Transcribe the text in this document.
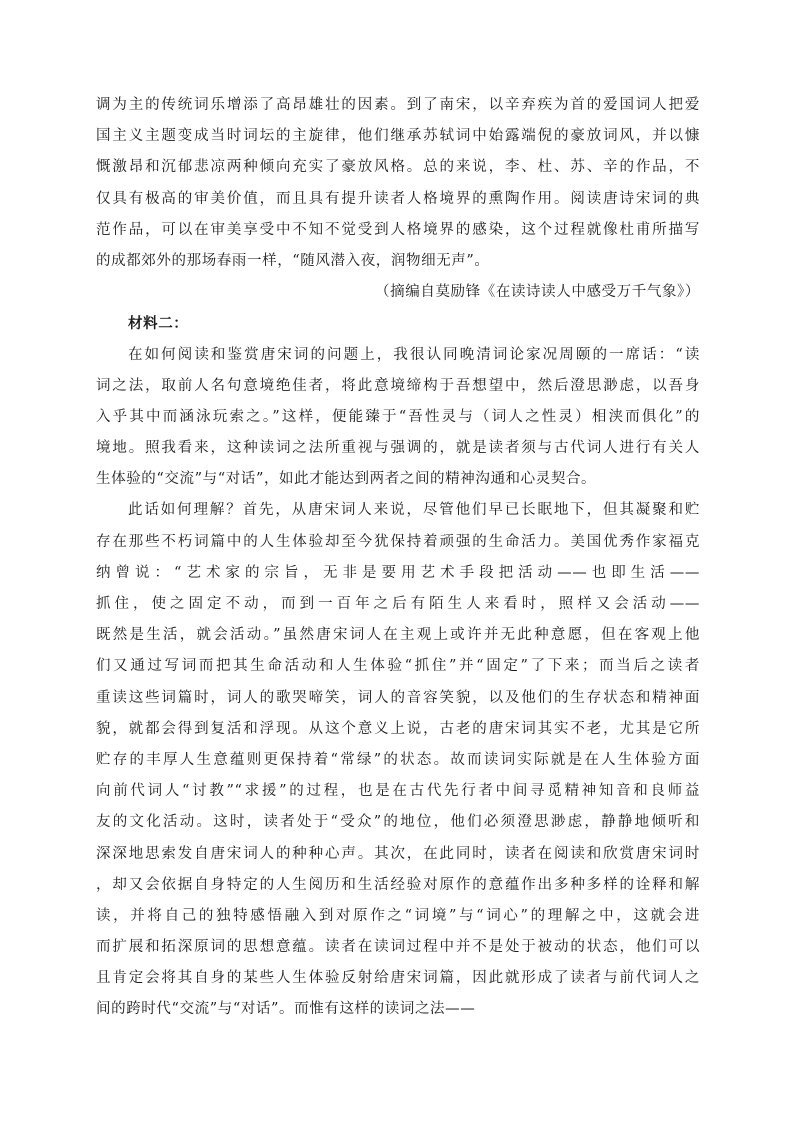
调为主的传统词乐增添了高昂雄壮的因素。到了南宋，以辛弃疾为首的爱国词人把爱
国主义主题变成当时词坛的主旋律，他们继承苏轼词中始露端倪的豪放词风，并以慷
慨激昂和沉郁悲凉两种倾向充实了豪放风格。总的来说，李、杜、苏、辛的作品，不
仅具有极高的审美价值，而且具有提升读者人格境界的熏陶作用。阅读唐诗宋词的典
范作品，可以在审美享受中不知不觉受到人格境界的感染，这个过程就像杜甫所描写
的成都郊外的那场春雨一样，“随风潜入夜，润物细无声”。
（摘编自莫励锋《在读诗读人中感受万千气象》）
材料二：
在如何阅读和鉴赏唐宋词的问题上，我很认同晚清词论家况周颐的一席话：“读
词之法，取前人名句意境绝佳者，将此意境缔构于吾想望中，然后澄思渺虑，以吾身
入乎其中而涵泳玩索之。”这样，便能臻于“吾性灵与（词人之性灵）相浃而俱化”的
境地。照我看来，这种读词之法所重视与强调的，就是读者须与古代词人进行有关人
生体验的“交流”与“对话”，如此才能达到两者之间的精神沟通和心灵契合。
此话如何理解？首先，从唐宋词人来说，尽管他们早已长眠地下，但其凝聚和贮
存在那些不朽词篇中的人生体验却至今犹保持着顽强的生命活力。美国优秀作家福克
纳曾说：“艺术家的宗旨，无非是要用艺术手段把活动——也即生活——
抓住，使之固定不动，而到一百年之后有陌生人来看时，照样又会活动——
既然是生活，就会活动。”虽然唐宋词人在主观上或许并无此种意愿，但在客观上他
们又通过写词而把其生命活动和人生体验“抓住”并“固定”了下来；而当后之读者
重读这些词篇时，词人的歌哭啼笑，词人的音容笑貌，以及他们的生存状态和精神面
貌，就都会得到复活和浮现。从这个意义上说，古老的唐宋词其实不老，尤其是它所
贮存的丰厚人生意蕴则更保持着“常绿”的状态。故而读词实际就是在人生体验方面
向前代词人“讨教”“求援”的过程，也是在古代先行者中间寻觅精神知音和良师益
友的文化活动。这时，读者处于“受众”的地位，他们必须澄思渺虑，静静地倾听和
深深地思索发自唐宋词人的种种心声。其次，在此同时，读者在阅读和欣赏唐宋词时
，却又会依据自身特定的人生阅历和生活经验对原作的意蕴作出多种多样的诠释和解
读，并将自己的独特感悟融入到对原作之“词境”与“词心”的理解之中，这就会进
而扩展和拓深原词的思想意蕴。读者在读词过程中并不是处于被动的状态，他们可以
且肯定会将其自身的某些人生体验反射给唐宋词篇，因此就形成了读者与前代词人之
间的跨时代“交流”与“对话”。而惟有这样的读词之法——
